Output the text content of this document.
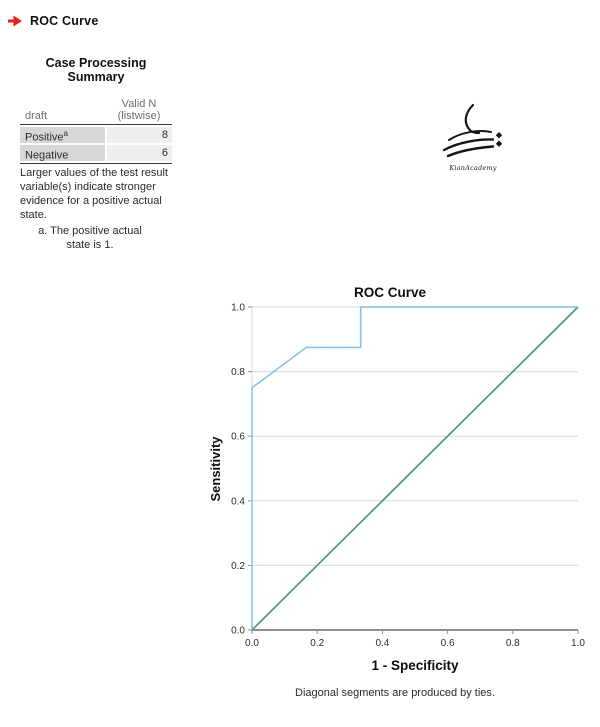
ROC Curve
Case Processing Summary
draft
Valid N (listwise)
Positive$^a$	8
Negative	6
Larger values of the test result variable(s) indicate stronger evidence for a positive actual state.
a. The positive actual state is 1.
KianAcademy
ROC Curve
0.0	0.2	0.4	0.6	0.8	1.0
0.0
0.2
0.4
0.6
0.8
1.0
Sensitivity
1 - Specificity
Diagonal segments are produced by ties.
